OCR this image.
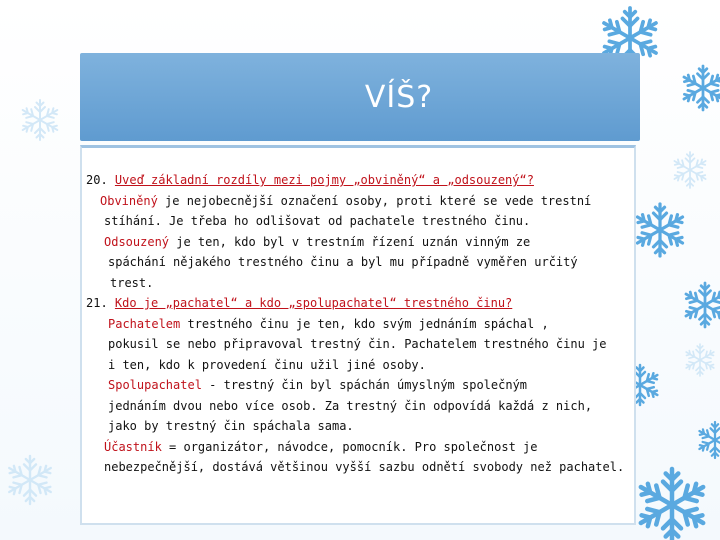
VÍŠ?
20. Uveď základní rozdíly mezi pojmy „obviněný“ a „odsouzený“?
Obviněný je nejobecnější označení osoby, proti které se vede trestní
stíhání. Je třeba ho odlišovat od pachatele trestného činu.
Odsouzený je ten, kdo byl v trestním řízení uznán vinným ze
spáchání nějakého trestného činu a byl mu případně vyměřen určitý
trest.
21. Kdo je „pachatel“ a kdo „spolupachatel“ trestného činu?
Pachatelem trestného činu je ten, kdo svým jednáním spáchal ,
pokusil se nebo připravoval trestný čin. Pachatelem trestného činu je
i ten, kdo k provedení činu užil jiné osoby.
Spolupachatel - trestný čin byl spáchán úmyslným společným
jednáním dvou nebo více osob. Za trestný čin odpovídá každá z nich,
jako by trestný čin spáchala sama.
Účastník = organizátor, návodce, pomocník. Pro společnost je
nebezpečnější, dostává většinou vyšší sazbu odnětí svobody než pachatel.
